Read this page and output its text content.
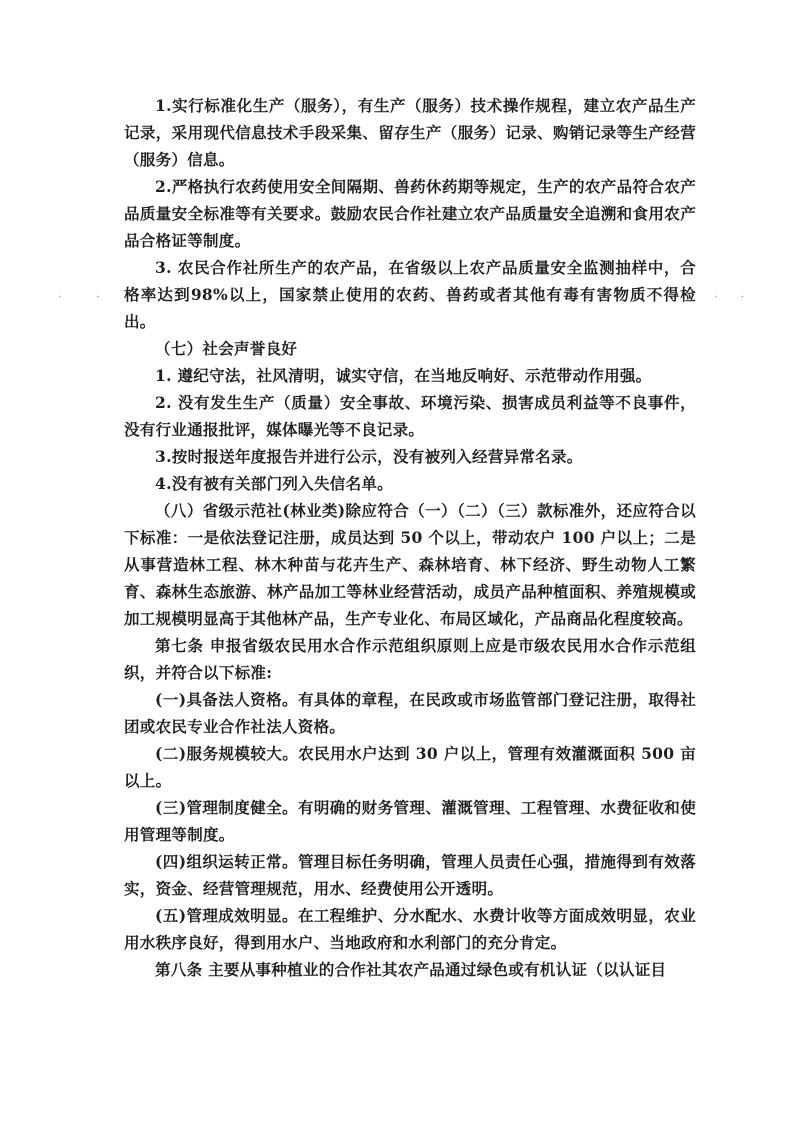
· ·	· · ·

1.实行标准化生产（服务），有生产（服务）技术操作规程，建立农产品生产记录，采用现代信息技术手段采集、留存生产（服务）记录、购销记录等生产经营（服务）信息。

2.严格执行农药使用安全间隔期、兽药休药期等规定，生产的农产品符合农产品质量安全标准等有关要求。鼓励农民合作社建立农产品质量安全追溯和食用农产品合格证等制度。

3. 农民合作社所生产的农产品，在省级以上农产品质量安全监测抽样中，合格率达到98%以上，国家禁止使用的农药、兽药或者其他有毒有害物质不得检出。

（七）社会声誉良好

1. 遵纪守法，社风清明，诚实守信，在当地反响好、示范带动作用强。

2. 没有发生生产（质量）安全事故、环境污染、损害成员利益等不良事件，没有行业通报批评，媒体曝光等不良记录。

3.按时报送年度报告并进行公示，没有被列入经营异常名录。

4.没有被有关部门列入失信名单。

（八）省级示范社(林业类)除应符合（一）（二）（三）款标准外，还应符合以下标准：一是依法登记注册，成员达到 50 个以上，带动农户 100 户以上；二是从事营造林工程、林木种苗与花卉生产、森林培育、林下经济、野生动物人工繁育、森林生态旅游、林产品加工等林业经营活动，成员产品种植面积、养殖规模或加工规模明显高于其他林产品，生产专业化、布局区域化，产品商品化程度较高。

第七条 申报省级农民用水合作示范组织原则上应是市级农民用水合作示范组织，并符合以下标准:

(一)具备法人资格。有具体的章程，在民政或市场监管部门登记注册，取得社团或农民专业合作社法人资格。

(二)服务规模较大。农民用水户达到 30 户以上，管理有效灌溉面积 500 亩以上。

(三)管理制度健全。有明确的财务管理、灌溉管理、工程管理、水费征收和使用管理等制度。

(四)组织运转正常。管理目标任务明确，管理人员责任心强，措施得到有效落实，资金、经营管理规范，用水、经费使用公开透明。

(五)管理成效明显。在工程维护、分水配水、水费计收等方面成效明显，农业用水秩序良好，得到用水户、当地政府和水利部门的充分肯定。

第八条 主要从事种植业的合作社其农产品通过绿色或有机认证（以认证目
